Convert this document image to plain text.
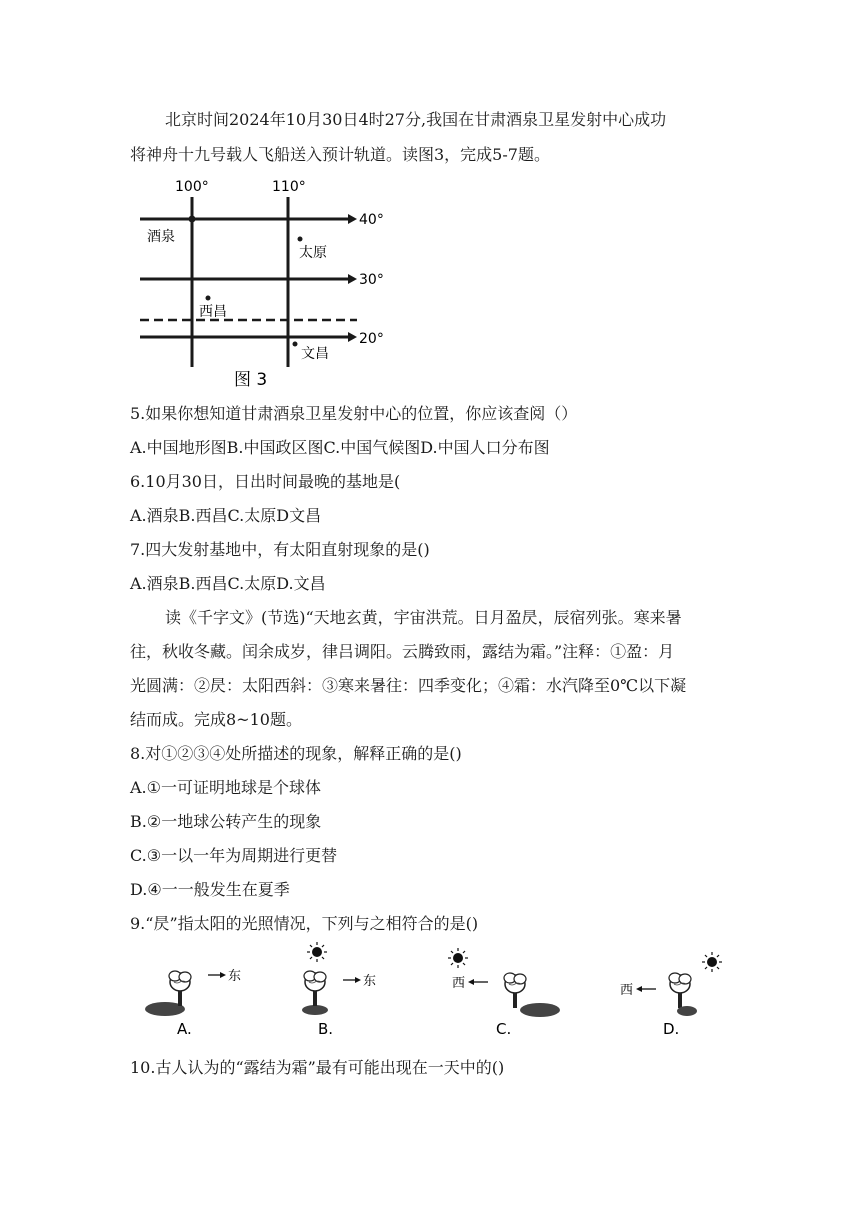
北京时间2024年10月30日4时27分,我国在甘肃酒泉卫星发射中心成功
将神舟十九号载人飞船送入预计轨道。读图3，完成5-7题。
100°	110°
40°
30°
20°
酒泉
太原
西昌
文昌
图 3
5.如果你想知道甘肃酒泉卫星发射中心的位置，你应该查阅（）
A.中国地形图B.中国政区图C.中国气候图D.中国人口分布图
6.10月30日，日出时间最晚的基地是(
A.酒泉B.西昌C.太原D文昌
7.四大发射基地中，有太阳直射现象的是()
A.酒泉B.西昌C.太原D.文昌
读《千字文》(节选)“天地玄黄，宇宙洪荒。日月盈昃，辰宿列张。寒来暑
往，秋收冬藏。闰余成岁，律吕调阳。云腾致雨，露结为霜。”注释：①盈：月
光圆满：②昃：太阳西斜：③寒来暑往：四季变化；④霜：水汽降至0℃以下凝
结而成。完成8~10题。
8.对①②③④处所描述的现象，解释正确的是()
A.①一可证明地球是个球体
B.②一地球公转产生的现象
C.③一以一年为周期进行更替
D.④一一般发生在夏季
9.“昃”指太阳的光照情况，下列与之相符合的是()
东
A.
东
B.
西
C.
西
D.
10.古人认为的“露结为霜”最有可能出现在一天中的()
